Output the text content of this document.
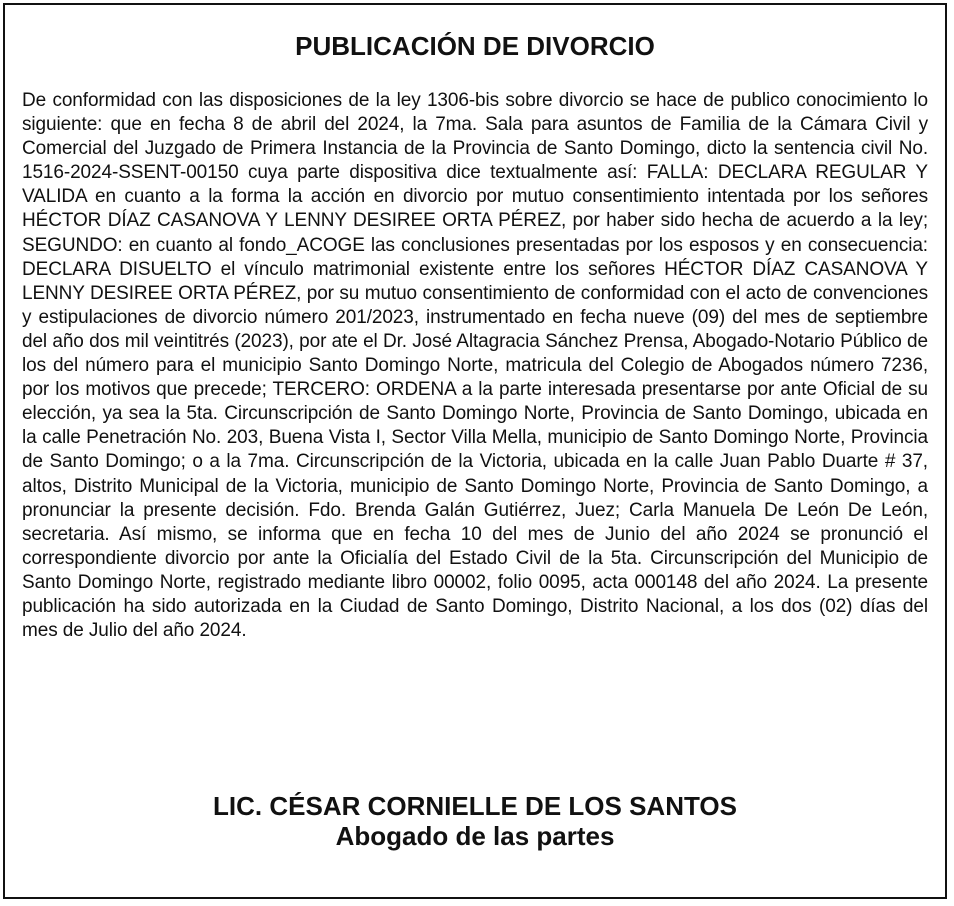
PUBLICACIÓN DE DIVORCIO

De conformidad con las disposiciones de la ley 1306-bis sobre divorcio se hace de publico conocimiento lo siguiente: que en fecha 8 de abril del 2024, la 7ma. Sala para asuntos de Familia de la Cámara Civil y Comercial del Juzgado de Primera Instancia de la Provincia de Santo Domingo, dicto la sentencia civil No. 1516-2024-SSENT-00150 cuya parte dispositiva dice textualmente así: FALLA: DECLARA REGULAR Y VALIDA en cuanto a la forma la acción en divorcio por mutuo consentimiento intentada por los señores HÉCTOR DÍAZ CASANOVA Y LENNY DESIREE ORTA PÉREZ, por haber sido hecha de acuerdo a la ley; SEGUNDO: en cuanto al fondo_ACOGE las conclusiones presentadas por los esposos y en consecuencia: DECLARA DISUELTO el vínculo matrimonial existente entre los señores HÉCTOR DÍAZ CASANOVA Y LENNY DESIREE ORTA PÉREZ, por su mutuo consentimiento de conformidad con el acto de convenciones y estipulaciones de divorcio número 201/2023, instrumentado en fecha nueve (09) del mes de septiembre del año dos mil veintitrés (2023), por ate el Dr. José Altagracia Sánchez Prensa, Abogado-Notario Público de los del número para el municipio Santo Domingo Norte, matricula del Colegio de Abogados número 7236, por los motivos que precede; TERCERO: ORDENA a la parte interesada presentarse por ante Oficial de su elección, ya sea la 5ta. Circunscripción de Santo Domingo Norte, Provincia de Santo Domingo, ubicada en la calle Penetración No. 203, Buena Vista I, Sector Villa Mella, municipio de Santo Domingo Norte, Provincia de Santo Domingo; o a la 7ma. Circunscripción de la Victoria, ubicada en la calle Juan Pablo Duarte # 37, altos, Distrito Municipal de la Victoria, municipio de Santo Domingo Norte, Provincia de Santo Domingo, a pronunciar la presente decisión. Fdo. Brenda Galán Gutiérrez, Juez; Carla Manuela De León De León, secretaria. Así mismo, se informa que en fecha 10 del mes de Junio del año 2024 se pronunció el correspondiente divorcio por ante la Oficialía del Estado Civil de la 5ta. Circunscripción del Municipio de Santo Domingo Norte, registrado mediante libro 00002, folio 0095, acta 000148 del año 2024. La presente publicación ha sido autorizada en la Ciudad de Santo Domingo, Distrito Nacional, a los dos (02) días del mes de Julio del año 2024.

LIC. CÉSAR CORNIELLE DE LOS SANTOS

Abogado de las partes
